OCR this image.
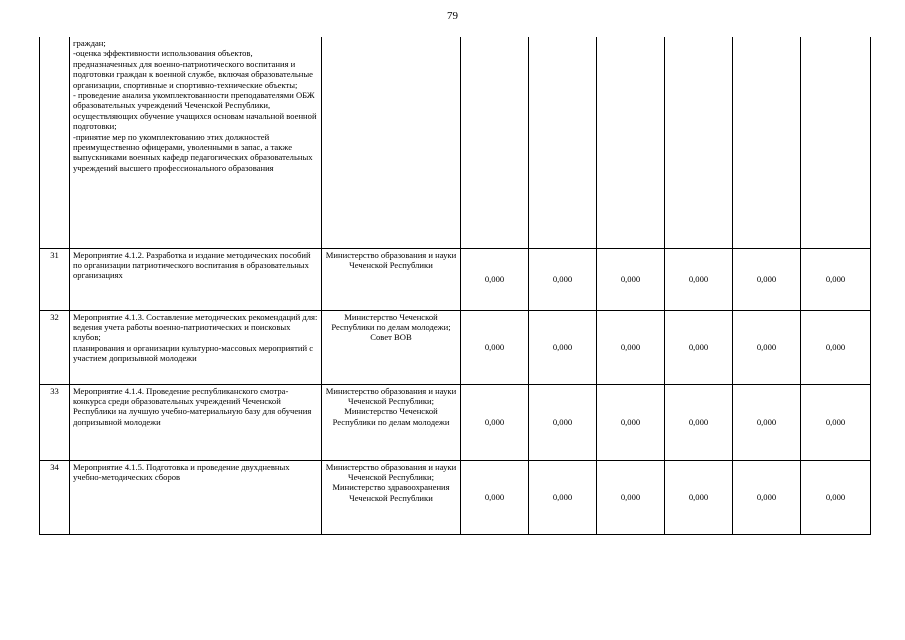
79
	граждан;
-оценка эффективности использования объектов, предназначенных для военно-патриотического воспитания и подготовки граждан к военной службе, включая образовательные организации, спортивные и спортивно-технические объекты;
- проведение анализа укомплектованности преподавателями ОБЖ образовательных учреждений Чеченской Республики, осуществляющих обучение учащихся основам начальной военной подготовки;
-принятие мер по укомплектованию этих должностей преимущественно офицерами, уволенными в запас, а также выпускниками военных кафедр педагогических образовательных учреждений высшего профессионального образования							
31	Мероприятие 4.1.2. Разработка и издание методических пособий по организации патриотического воспитания в образовательных организациях	Министерство образования и науки Чеченской Республики	0,000	0,000	0,000	0,000	0,000	0,000
32	Мероприятие 4.1.3. Составление методических рекомендаций для:
ведения учета работы военно-патриотических и поисковых клубов;
планирования и организации культурно-массовых мероприятий с участием допризывной молодежи	Министерство Чеченской Республики по делам молодежи;
Совет ВОВ	0,000	0,000	0,000	0,000	0,000	0,000
33	Мероприятие 4.1.4. Проведение республиканского смотра-конкурса среди образовательных учреждений Чеченской Республики на лучшую учебно-материальную базу для обучения допризывной молодежи	Министерство образования и науки Чеченской Республики;
Министерство Чеченской Республики по делам молодежи	0,000	0,000	0,000	0,000	0,000	0,000
34	Мероприятие 4.1.5. Подготовка и проведение двухдневных учебно-методических сборов	Министерство образования и науки Чеченской Республики;
Министерство здравоохранения Чеченской Республики	0,000	0,000	0,000	0,000	0,000	0,000
